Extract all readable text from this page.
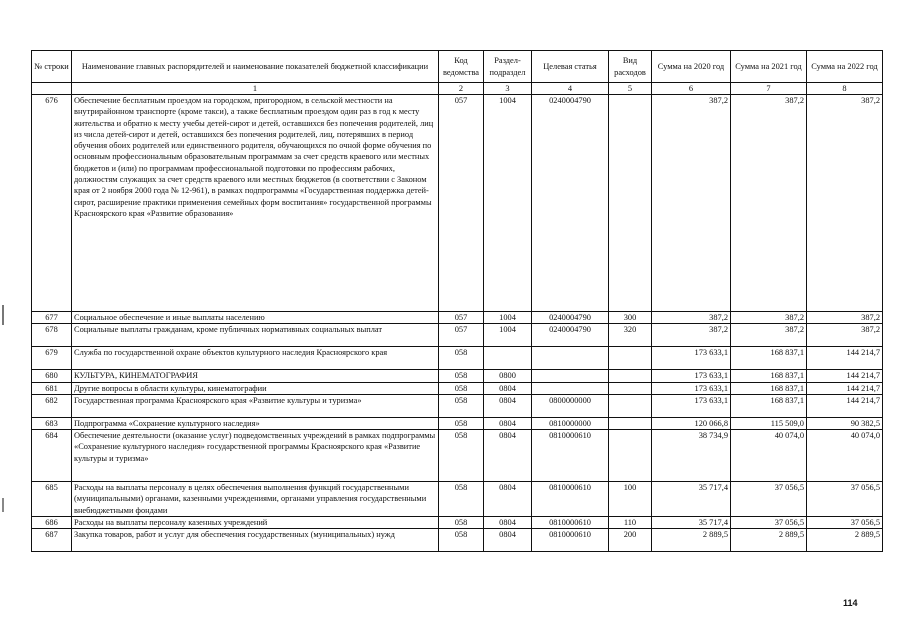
№ строки	Наименование главных распорядителей и наименование показателей бюджетной классификации	Код ведомства	Раздел-подраздел	Целевая статья	Вид расходов	Сумма на 2020 год	Сумма на 2021 год	Сумма на 2022 год
	1	2	3	4	5	6	7	8
676	Обеспечение бесплатным проездом на городском, пригородном, в сельской местности на внутрирайонном транспорте (кроме такси), а также бесплатным проездом один раз в год к месту жительства и обратно к месту учебы детей-сирот и детей, оставшихся без попечения родителей, лиц из числа детей-сирот и детей, оставшихся без попечения родителей, лиц, потерявших в период обучения обоих родителей или единственного родителя, обучающихся по очной форме обучения по основным профессиональным образовательным программам за счет средств краевого или местных бюджетов и (или) по программам профессиональной подготовки по профессиям рабочих, должностям служащих за счет средств краевого или местных бюджетов (в соответствии с Законом края от 2 ноября 2000 года № 12-961), в рамках подпрограммы «Государственная поддержка детей-сирот, расширение практики применения семейных форм воспитания» государственной программы Красноярского края «Развитие образования»	057	1004	0240004790		387,2	387,2	387,2
677	Социальное обеспечение и иные выплаты населению	057	1004	0240004790	300	387,2	387,2	387,2
678	Социальные выплаты гражданам, кроме публичных нормативных социальных выплат	057	1004	0240004790	320	387,2	387,2	387,2
679	Служба по государственной охране объектов культурного наследия Красноярского края	058				173 633,1	168 837,1	144 214,7
680	КУЛЬТУРА, КИНЕМАТОГРАФИЯ	058	0800			173 633,1	168 837,1	144 214,7
681	Другие вопросы в области культуры, кинематографии	058	0804			173 633,1	168 837,1	144 214,7
682	Государственная программа Красноярского края «Развитие культуры и туризма»	058	0804	0800000000		173 633,1	168 837,1	144 214,7
683	Подпрограмма «Сохранение культурного наследия»	058	0804	0810000000		120 066,8	115 509,0	90 382,5
684	Обеспечение деятельности (оказание услуг) подведомственных учреждений в рамках подпрограммы «Сохранение культурного наследия» государственной программы Красноярского края «Развитие культуры и туризма»	058	0804	0810000610		38 734,9	40 074,0	40 074,0
685	Расходы на выплаты персоналу в целях обеспечения выполнения функций государственными (муниципальными) органами, казенными учреждениями, органами управления государственными внебюджетными фондами	058	0804	0810000610	100	35 717,4	37 056,5	37 056,5
686	Расходы на выплаты персоналу казенных учреждений	058	0804	0810000610	110	35 717,4	37 056,5	37 056,5
687	Закупка товаров, работ и услуг для обеспечения государственных (муниципальных) нужд	058	0804	0810000610	200	2 889,5	2 889,5	2 889,5
114
